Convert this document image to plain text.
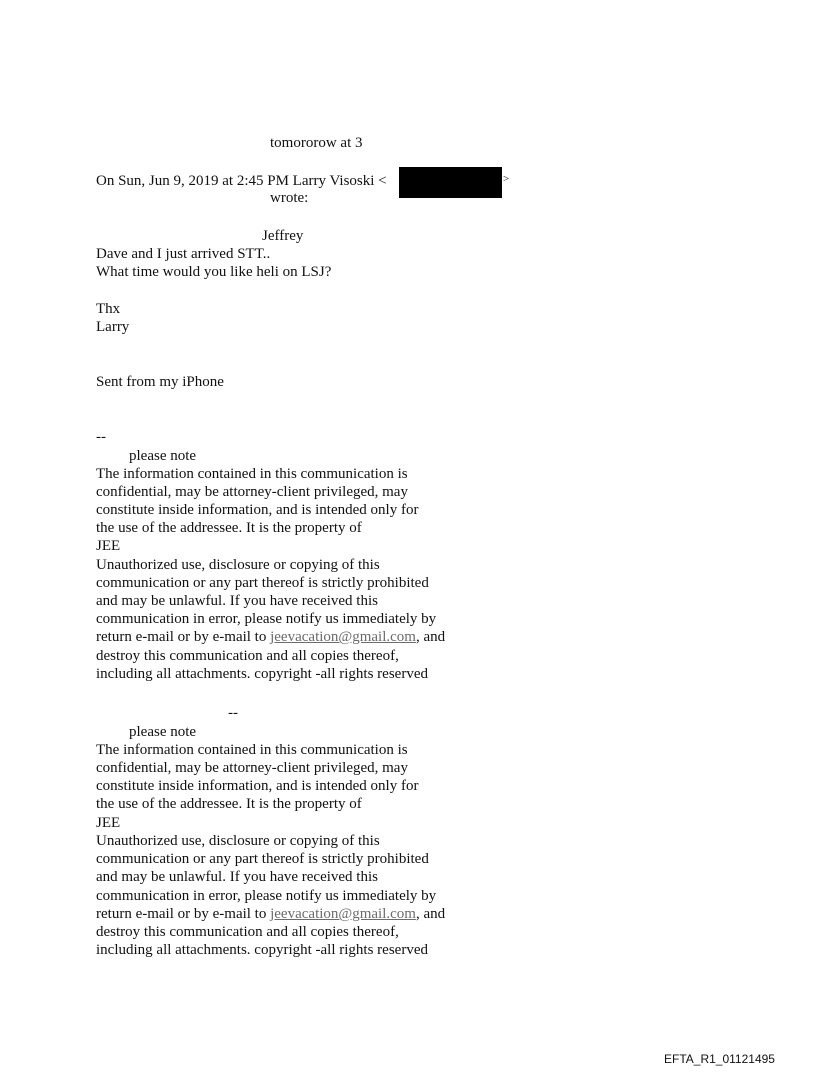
tomororow at 3
On Sun, Jun 9, 2019 at 2:45 PM Larry Visoski <	>
wrote:
Jeffrey
Dave and I just arrived STT..
What time would you like heli on LSJ?
Thx
Larry
Sent from my iPhone
--
please note
The information contained in this communication is
confidential, may be attorney-client privileged, may
constitute inside information, and is intended only for
the use of the addressee. It is the property of
JEE
Unauthorized use, disclosure or copying of this
communication or any part thereof is strictly prohibited
and may be unlawful. If you have received this
communication in error, please notify us immediately by
return e-mail or by e-mail to jeevacation@gmail.com, and
destroy this communication and all copies thereof,
including all attachments. copyright -all rights reserved
--
please note
The information contained in this communication is
confidential, may be attorney-client privileged, may
constitute inside information, and is intended only for
the use of the addressee. It is the property of
JEE
Unauthorized use, disclosure or copying of this
communication or any part thereof is strictly prohibited
and may be unlawful. If you have received this
communication in error, please notify us immediately by
return e-mail or by e-mail to jeevacation@gmail.com, and
destroy this communication and all copies thereof,
including all attachments. copyright -all rights reserved
EFTA_R1_01121495
